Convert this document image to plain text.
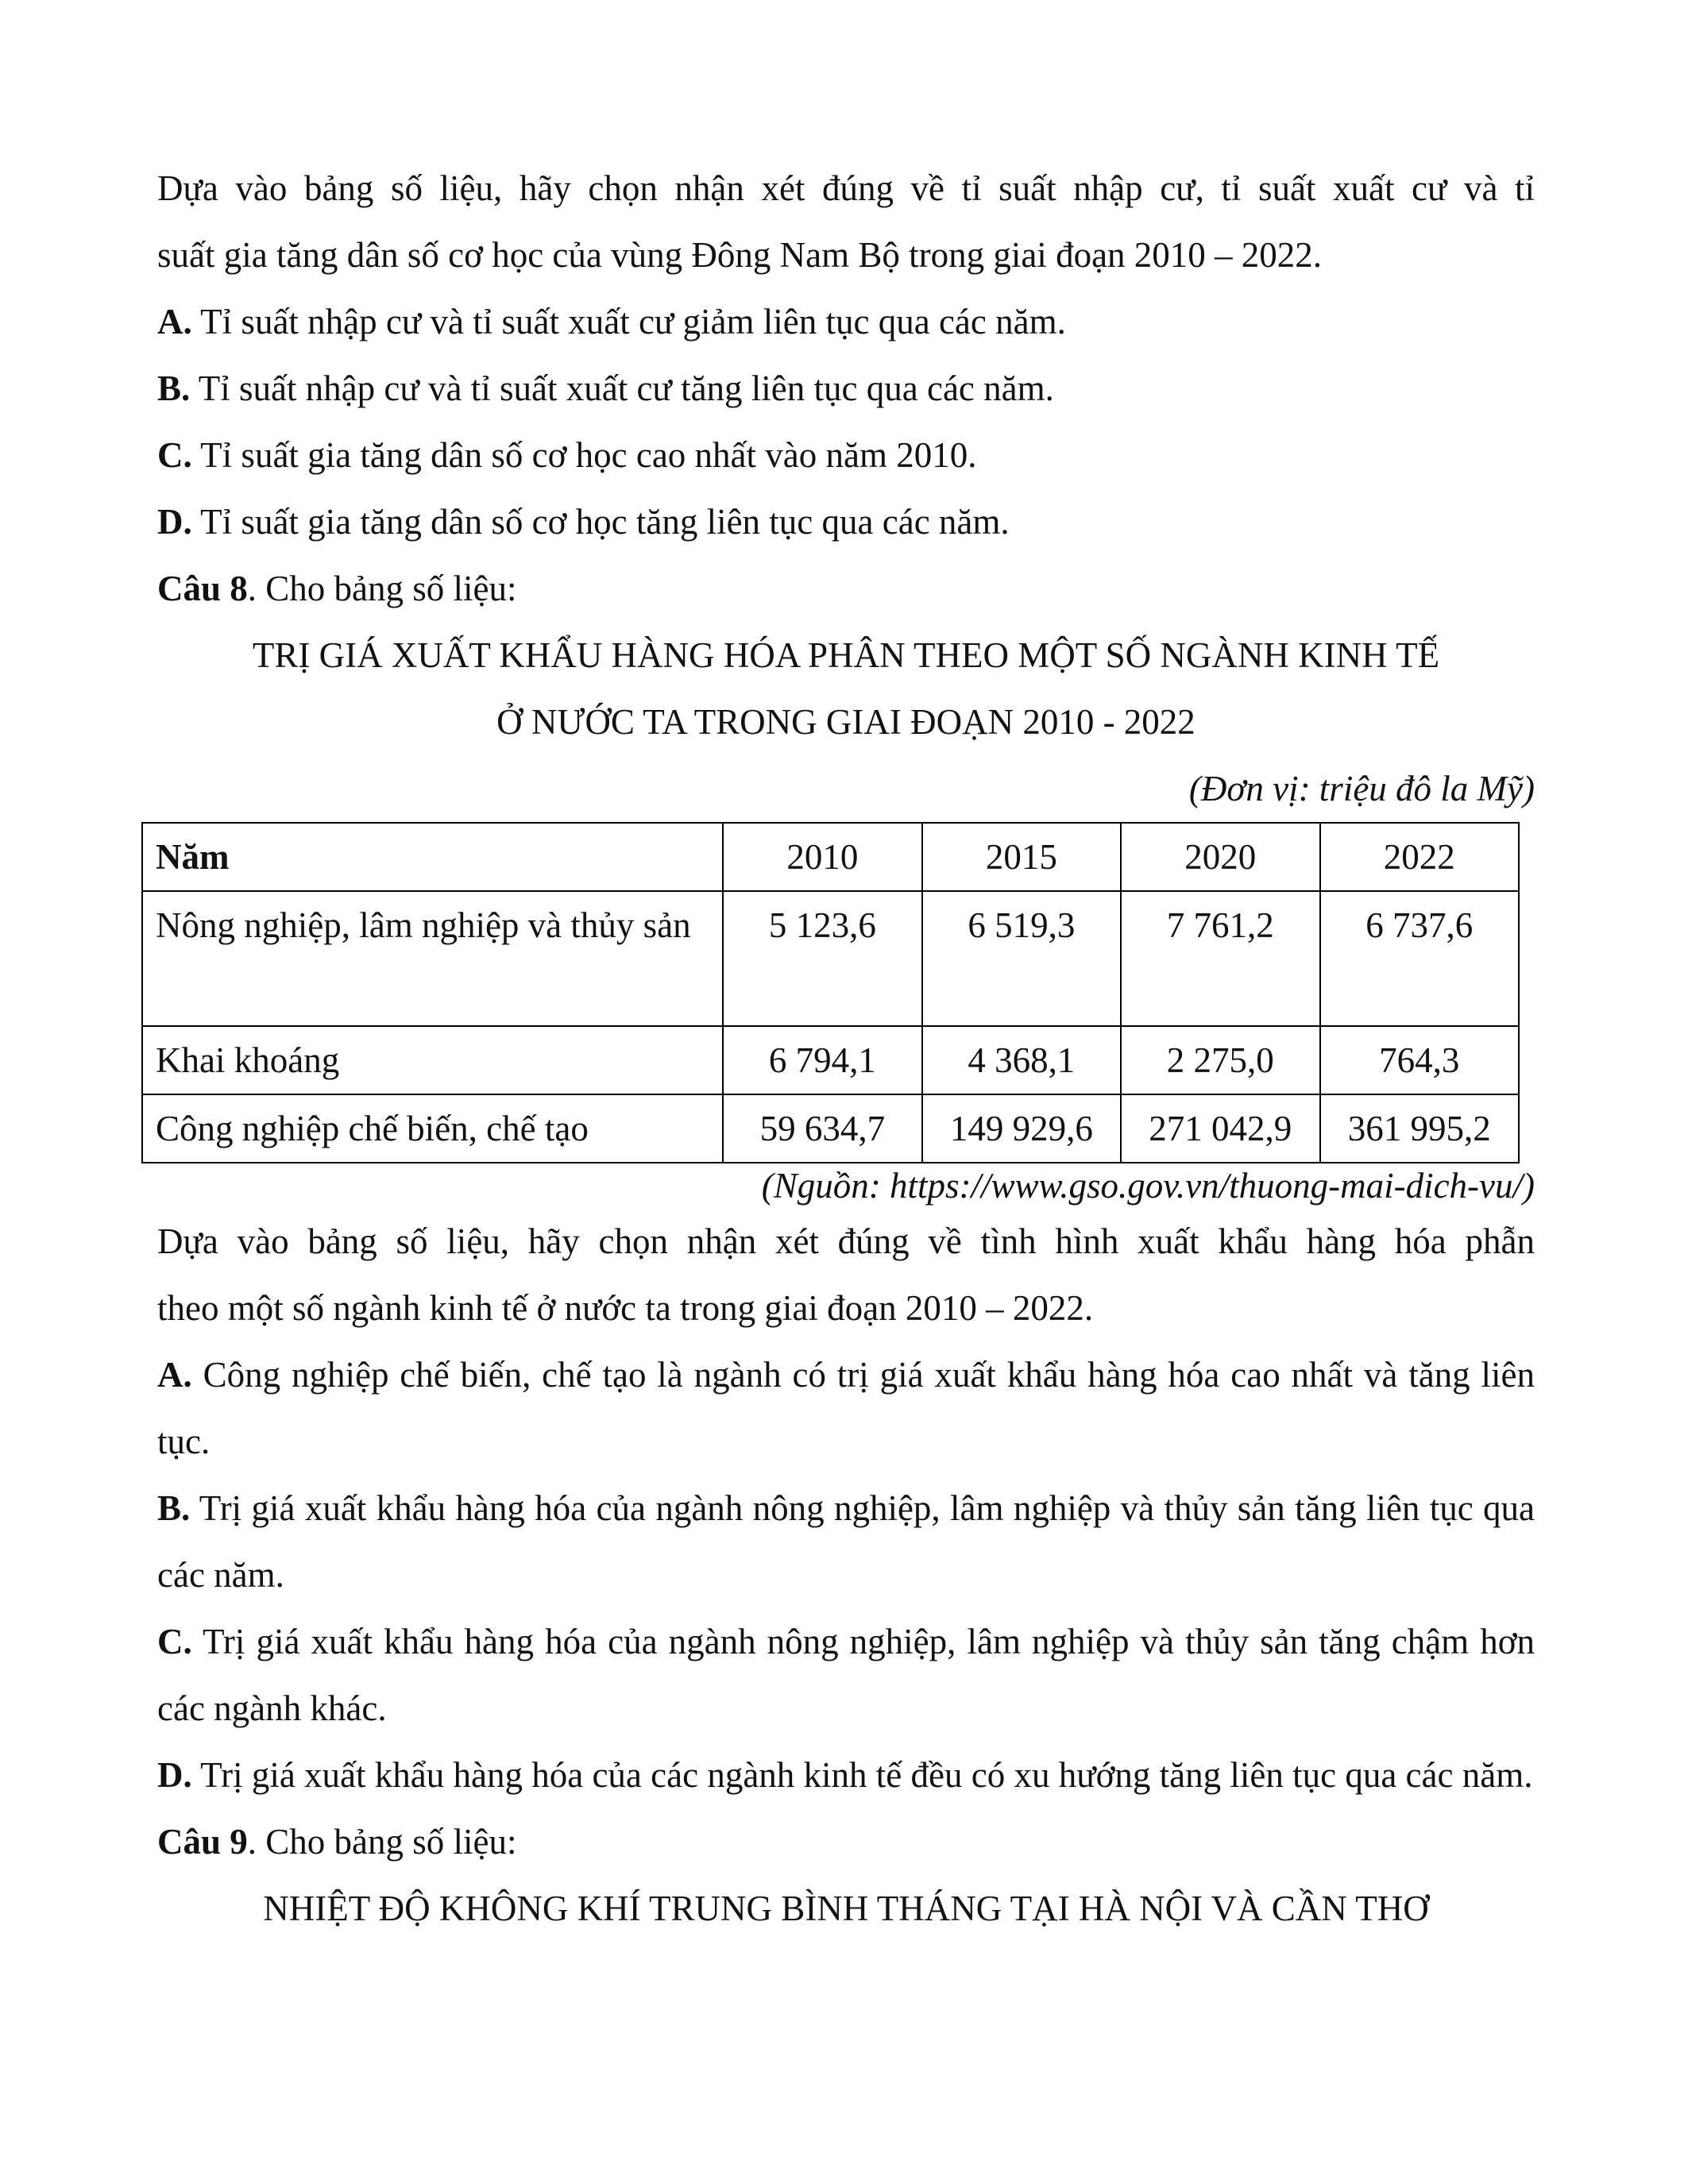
Dựa vào bảng số liệu, hãy chọn nhận xét đúng về tỉ suất nhập cư, tỉ suất xuất cư và tỉ

suất gia tăng dân số cơ học của vùng Đông Nam Bộ trong giai đoạn 2010 – 2022.

A. Tỉ suất nhập cư và tỉ suất xuất cư giảm liên tục qua các năm.

B. Tỉ suất nhập cư và tỉ suất xuất cư tăng liên tục qua các năm.

C. Tỉ suất gia tăng dân số cơ học cao nhất vào năm 2010.

D. Tỉ suất gia tăng dân số cơ học tăng liên tục qua các năm.

Câu 8. Cho bảng số liệu:

TRỊ GIÁ XUẤT KHẨU HÀNG HÓA PHÂN THEO MỘT SỐ NGÀNH KINH TẾ

Ở NƯỚC TA TRONG GIAI ĐOẠN 2010 - 2022

(Đơn vị: triệu đô la Mỹ)

Năm	2010	2015	2020	2022
Nông nghiệp, lâm nghiệp và thủy sản	5 123,6	6 519,3	7 761,2	6 737,6
Khai khoáng	6 794,1	4 368,1	2 275,0	764,3
Công nghiệp chế biến, chế tạo	59 634,7	149 929,6	271 042,9	361 995,2

(Nguồn: https://www.gso.gov.vn/thuong-mai-dich-vu/)

Dựa vào bảng số liệu, hãy chọn nhận xét đúng về tình hình xuất khẩu hàng hóa phẫn

theo một số ngành kinh tế ở nước ta trong giai đoạn 2010 – 2022.

A. Công nghiệp chế biến, chế tạo là ngành có trị giá xuất khẩu hàng hóa cao nhất và tăng liên tục.

B. Trị giá xuất khẩu hàng hóa của ngành nông nghiệp, lâm nghiệp và thủy sản tăng liên tục qua các năm.

C. Trị giá xuất khẩu hàng hóa của ngành nông nghiệp, lâm nghiệp và thủy sản tăng chậm hơn các ngành khác.

D. Trị giá xuất khẩu hàng hóa của các ngành kinh tế đều có xu hướng tăng liên tục qua các năm.

Câu 9. Cho bảng số liệu:

NHIỆT ĐỘ KHÔNG KHÍ TRUNG BÌNH THÁNG TẠI HÀ NỘI VÀ CẦN THƠ
